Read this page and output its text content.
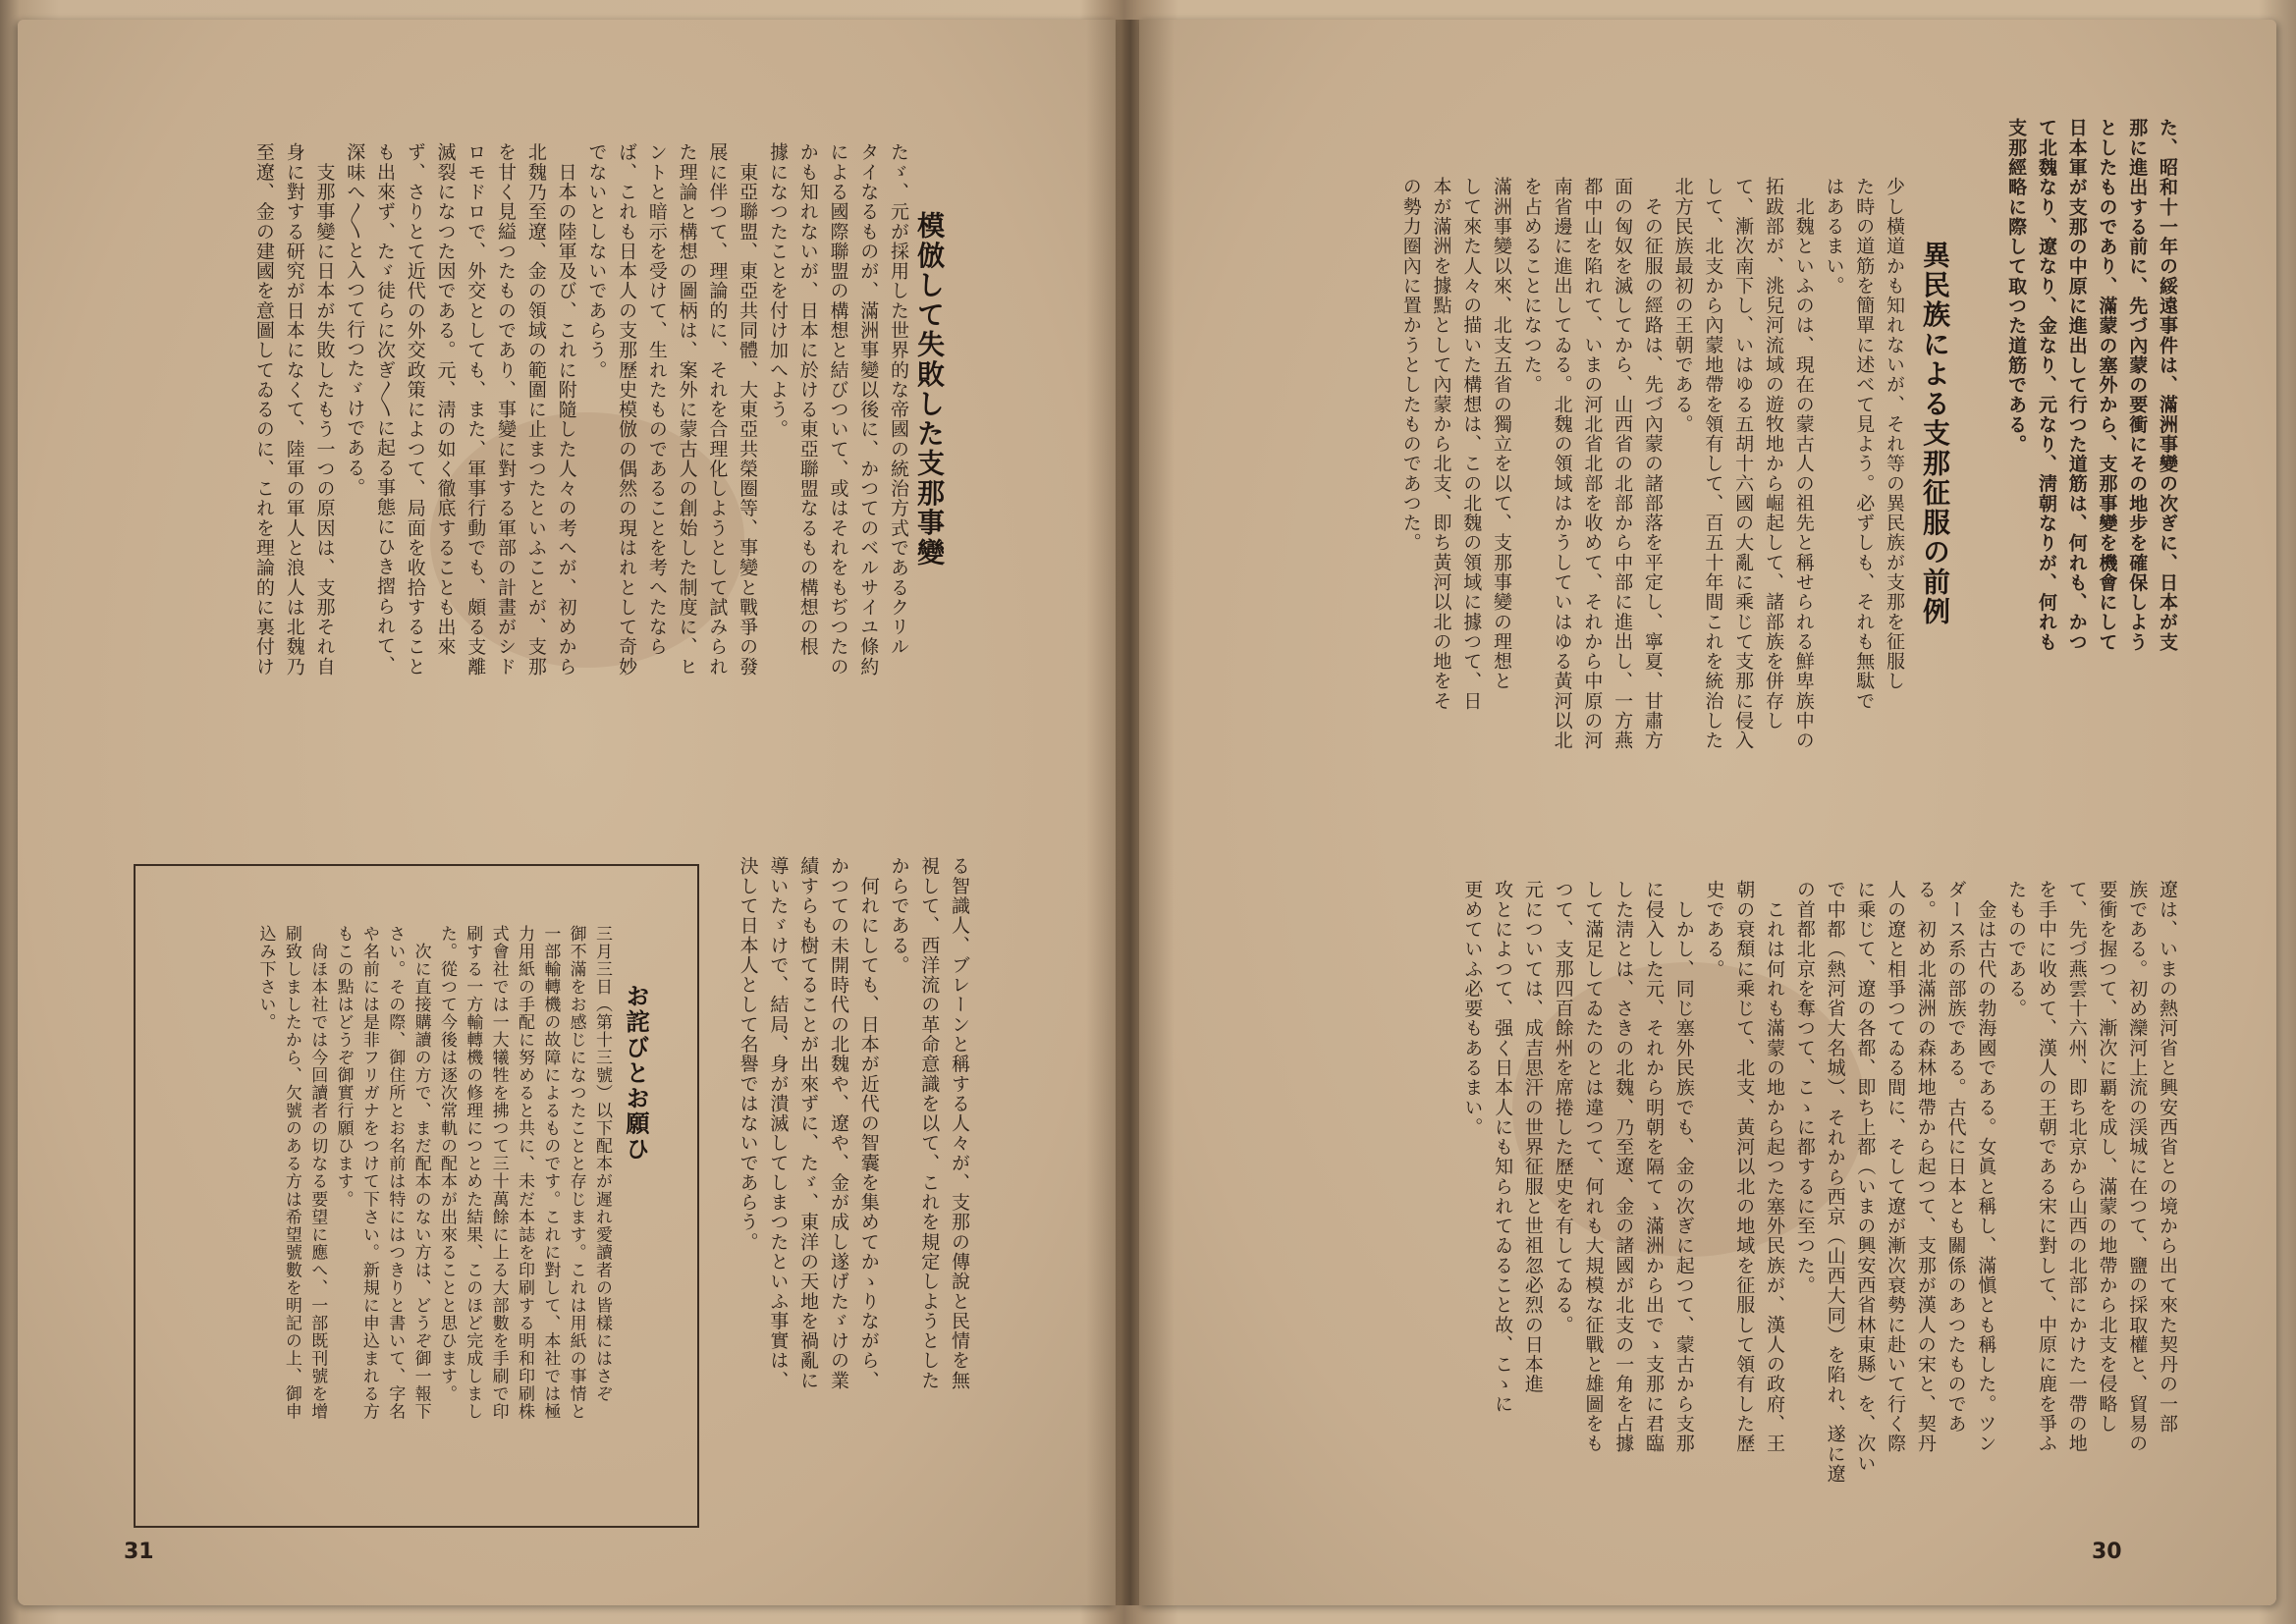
模倣して失敗した支那事變
たゞ、元が採用した世界的な帝國の統治方式であるクリル
タイなるものが、滿洲事變以後に、かつてのベルサイユ條約
による國際聯盟の構想と結びついて、或はそれをもぢつたの
かも知れないが、日本に於ける東亞聯盟なるもの構想の根
據になつたことを付け加へよう。
　東亞聯盟、東亞共同體、大東亞共榮圈等、事變と戰爭の發
展に伴つて、理論的に、それを合理化しようとして試みられ
た理論と構想の圖柄は、案外に蒙古人の創始した制度に、ヒ
ントと暗示を受けて、生れたものであることを考へたなら
ば、これも日本人の支那歷史模倣の偶然の現はれとして奇妙
でないとしないであらう。
　日本の陸軍及び、これに附隨した人々の考へが、初めから
北魏乃至遼、金の領域の範圍に止まつたといふことが、支那
を甘く見縊つたものであり、事變に對する軍部の計畫がシド
ロモドロで、外交としても、また、軍事行動でも、頗る支離
滅裂になつた因である。元、淸の如く徹底することも出來
ず、さりとて近代の外交政策によつて、局面を收拾すること
も出來ず、たゞ徒らに次ぎ〳〵に起る事態にひき摺られて、
深味へ〳〵と入つて行つたゞけである。
　支那事變に日本が失敗したもう一つの原因は、支那それ自
身に對する研究が日本になくて、陸軍の軍人と浪人は北魏乃
至遼、金の建國を意圖してゐるのに、これを理論的に裏付け
る智識人、ブレーンと稱する人々が、支那の傳說と民情を無
視して、西洋流の革命意識を以て、これを規定しようとした
からである。
　何れにしても、日本が近代の智囊を集めてかゝりながら、
かつての未開時代の北魏や、遼や、金が成し遂げたゞけの業
績すらも樹てることが出來ずに、たゞ、東洋の天地を禍亂に
導いたゞけで、結局、身が潰滅してしまつたといふ事實は、
決して日本人として名譽ではないであらう。
お詫びとお願ひ
三月三日（第十三號）以下配本が遲れ愛讀者の皆樣にはさぞ
御不滿をお感じになつたことと存じます。これは用紙の事情と
一部輸轉機の故障によるものです。これに對して、本社では極
力用紙の手配に努めると共に、未だ本誌を印刷する明和印刷株
式會社では一大犧牲を拂つて三十萬餘に上る大部數を手刷で印
刷する一方輸轉機の修理につとめた結果、このほど完成しまし
た。從つて今後は逐次常軌の配本が出來ることと思ひます。
　次に直接購讀の方で、まだ配本のない方は、どうぞ御一報下
さい。その際、御住所とお名前は特にはつきりと書いて、字名
や名前には是非フリガナをつけて下さい。新規に申込まれる方
もこの點はどうぞ御實行願ひます。
　尙ほ本社では今回讀者の切なる要望に應へ、一部既刊號を增
刷致しましたから、欠號のある方は希望號數を明記の上、御申
込み下さい。
31
た、昭和十一年の綏遠事件は、滿洲事變の次ぎに、日本が支
那に進出する前に、先づ內蒙の要衝にその地步を確保しよう
としたものであり、滿蒙の塞外から、支那事變を機會にして
日本軍が支那の中原に進出して行つた道筋は、何れも、かつ
て北魏なり、遼なり、金なり、元なり、淸朝なりが、何れも
支那經略に際して取つた道筋である。
異民族による支那征服の前例
少し橫道かも知れないが、それ等の異民族が支那を征服し
た時の道筋を簡單に述べて見よう。必ずしも、それも無駄で
はあるまい。
　北魏といふのは、現在の蒙古人の祖先と稱せられる鮮卑族中の
拓跋部が、洮兒河流域の遊牧地から崛起して、諸部族を併存し
て、漸次南下し、いはゆる五胡十六國の大亂に乘じて支那に侵入
して、北支から內蒙地帶を領有して、百五十年間これを統治した
北方民族最初の王朝である。
　その征服の經路は、先づ內蒙の諸部落を平定し、寧夏、甘肅方
面の匈奴を滅してから、山西省の北部から中部に進出し、一方燕
都中山を陷れて、いまの河北省北部を收めて、それから中原の河
南省邊に進出してゐる。北魏の領域はかうしていはゆる黃河以北
を占めることになつた。
滿洲事變以來、北支五省の獨立を以て、支那事變の理想と
して來た人々の描いた構想は、この北魏の領域に據つて、日
本が滿洲を據點として內蒙から北支、即ち黃河以北の地をそ
の勢力圈內に置かうとしたものであつた。
遼は、いまの熱河省と興安西省との境から出て來た契丹の一部
族である。初め灤河上流の渓城に在つて、鹽の採取權と、貿易の
要衝を握つて、漸次に覇を成し、滿蒙の地帶から北支を侵略し
て、先づ燕雲十六州、即ち北京から山西の北部にかけた一帶の地
を手中に收めて、漢人の王朝である宋に對して、中原に鹿を爭ふ
たものである。
　金は古代の勃海國である。女眞と稱し、滿愼とも稱した。ツン
ダース系の部族である。古代に日本とも關係のあつたものであ
る。初め北滿洲の森林地帶から起つて、支那が漢人の宋と、契丹
人の遼と相爭つてゐる間に、そして遼が漸次衰勢に赴いて行く際
に乘じて、遼の各都、即ち上都（いまの興安西省林東縣）を、次い
で中都（熱河省大名城）、それから西京（山西大同）を陷れ、遂に遼
の首都北京を奪つて、こゝに都するに至つた。
　これは何れも滿蒙の地から起つた塞外民族が、漢人の政府、王
朝の衰頽に乘じて、北支、黃河以北の地域を征服して領有した歷
史である。
　しかし、同じ塞外民族でも、金の次ぎに起つて、蒙古から支那
に侵入した元、それから明朝を隔てゝ滿洲から出でゝ支那に君臨
した淸とは、さきの北魏、乃至遼、金の諸國が北支の一角を占據
して滿足してゐたのとは違つて、何れも大規模な征戰と雄圖をも
つて、支那四百餘州を席捲した歷史を有してゐる。
元については、成吉思汗の世界征服と世祖忽必烈の日本進
攻とによつて、强く日本人にも知られてゐること故、こゝに
更めていふ必要もあるまい。
30
